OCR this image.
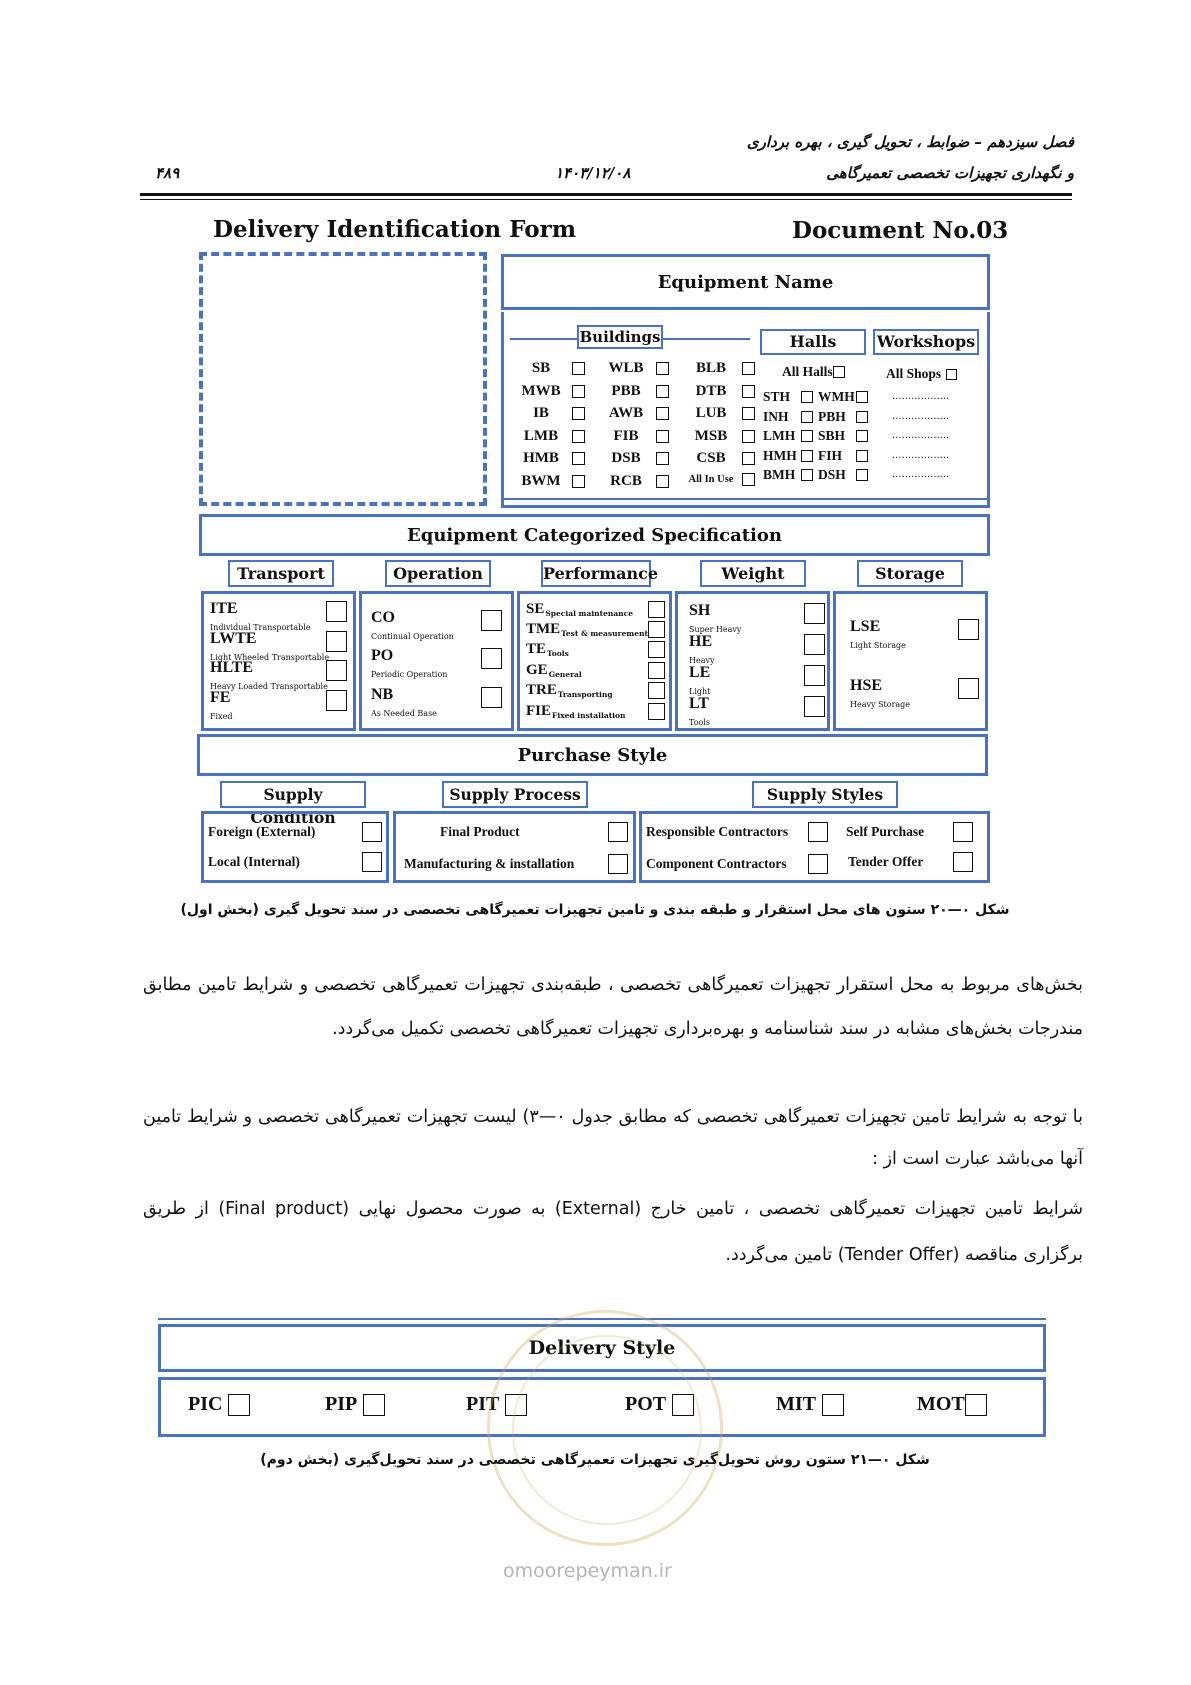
فصل سیزدهم – ضوابط ، تحویل گیری ، بهره برداری
و نگهداری تجهیزات تخصصی تعمیرگاهی
۱۴۰۳/۱۲/۰۸
۴۸۹
Delivery Identification Form	Document No.03
Equipment Name
Buildings
SB	WLB	BLB
MWB	PBB	DTB
IB	AWB	LUB
LMB	FIB	MSB
HMB	DSB	CSB
BWM	RCB	All In Use
Halls	Workshops
All Halls	All Shops
STH	WMH
INH	PBH
LMH	SBH
HMH	FIH
BMH	DSH
..................
..................
..................
..................
..................
Equipment Categorized Specification
Transport	Operation	Performance	Weight	Storage
ITE
Individual Transportable
LWTE
Light Wheeled Transportable
HLTE
Heavy Loaded Transportable
FE
Fixed
CO
Continual Operation
PO
Periodic Operation
NB
As Needed Base
$SE_{Special maintenance}$
$TME_{Test \& measurement}$
$TE_{Tools}$
$GE_{General}$
$TRE_{Transporting}$
$FIE_{Fixed installation}$
SH
Super Heavy
HE
Heavy
LE
Light
LT
Tools
LSE
Light Storage
HSE
Heavy Storage
Purchase Style
Supply Condition
Supply Process	Supply Styles
Foreign (External)
Local (Internal)
Final Product
Manufacturing & installation
Responsible Contractors	Self Purchase
Component Contractors	Tender Offer
شکل ٠—٢٠ ستون های محل استقرار و طبقه بندی و تامین تجهیزات تعمیرگاهی تخصصی در سند تحویل گیری (بخش اول)
بخش‌های مربوط به محل استقرار تجهیزات تعمیرگاهی تخصصی ، طبقه‌بندی تجهیزات تعمیرگاهی تخصصی و شرایط تامین مطابق مندرجات بخش‌های مشابه در سند شناسنامه و بهره‌برداری تجهیزات تعمیرگاهی تخصصی تکمیل می‌گردد.
با توجه به شرایط تامین تجهیزات تعمیرگاهی تخصصی که مطابق جدول ٠—٣) لیست تجهیزات تعمیرگاهی تخصصی و شرایط تامین آنها می‌باشد عبارت است از :
شرایط تامین تجهیزات تعمیرگاهی تخصصی ، تامین خارج (External) به صورت محصول نهایی (Final product) از طریق برگزاری مناقصه (Tender Offer) تامین می‌گردد.
Delivery Style
PIC	PIP	PIT	POT	MIT	MOT
شکل ٠—٢١ ستون روش تحویل‌گیری تجهیزات تعمیرگاهی تخصصی در سند تحویل‌گیری (بخش دوم)
omoorepeyman.ir
